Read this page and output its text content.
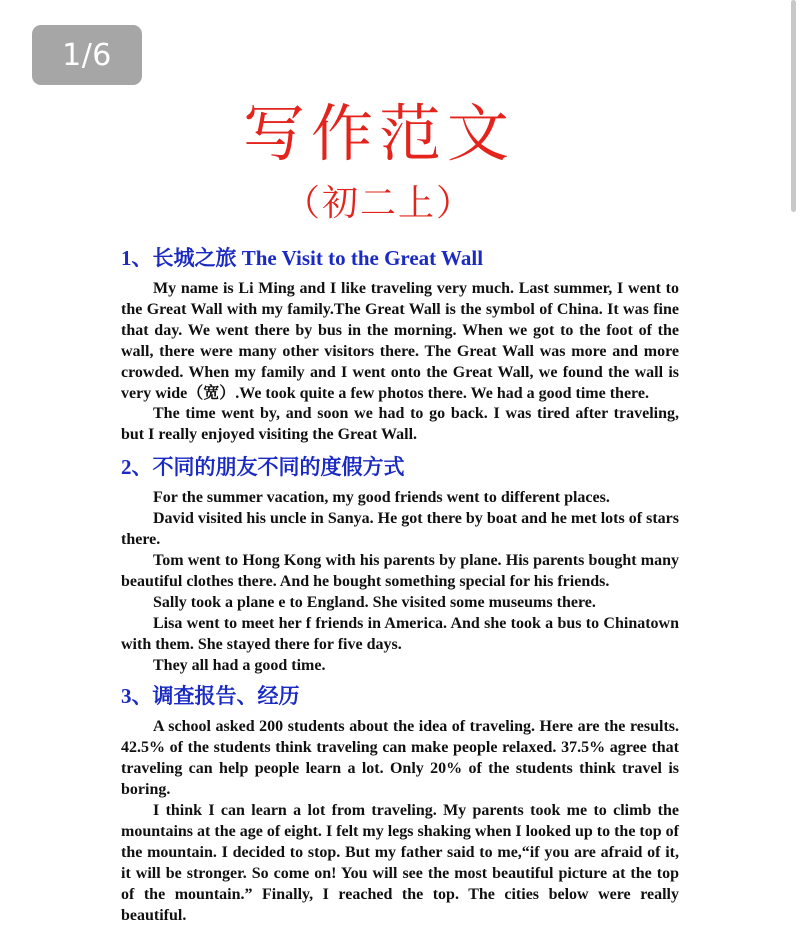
1/6
写作范文
（初二上）
1、长城之旅 The Visit to the Great Wall

My name is Li Ming and I like traveling very much. Last summer, I went to the Great Wall with my family.The Great Wall is the symbol of China. It was fine that day. We went there by bus in the morning. When we got to the foot of the wall, there were many other visitors there. The Great Wall was more and more crowded. When my family and I went onto the Great Wall, we found the wall is very wide（宽）.We took quite a few photos there. We had a good time there.

The time went by, and soon we had to go back. I was tired after traveling, but I really enjoyed visiting the Great Wall.

2、不同的朋友不同的度假方式

For the summer vacation, my good friends went to different places.

David visited his uncle in Sanya. He got there by boat and he met lots of stars there.

Tom went to Hong Kong with his parents by plane. His parents bought many beautiful clothes there. And he bought something special for his friends.

Sally took a plane e to England. She visited some museums there.

Lisa went to meet her f friends in America. And she took a bus to Chinatown with them. She stayed there for five days.

They all had a good time.

3、调查报告、经历

A school asked 200 students about the idea of traveling. Here are the results. 42.5% of the students think traveling can make people relaxed. 37.5% agree that traveling can help people learn a lot. Only 20% of the students think travel is boring.

I think I can learn a lot from traveling. My parents took me to climb the mountains at the age of eight. I felt my legs shaking when I looked up to the top of the mountain. I decided to stop. But my father said to me,“if you are afraid of it, it will be stronger. So come on! You will see the most beautiful picture at the top of the mountain.” Finally, I reached the top. The cities below were really beautiful.
